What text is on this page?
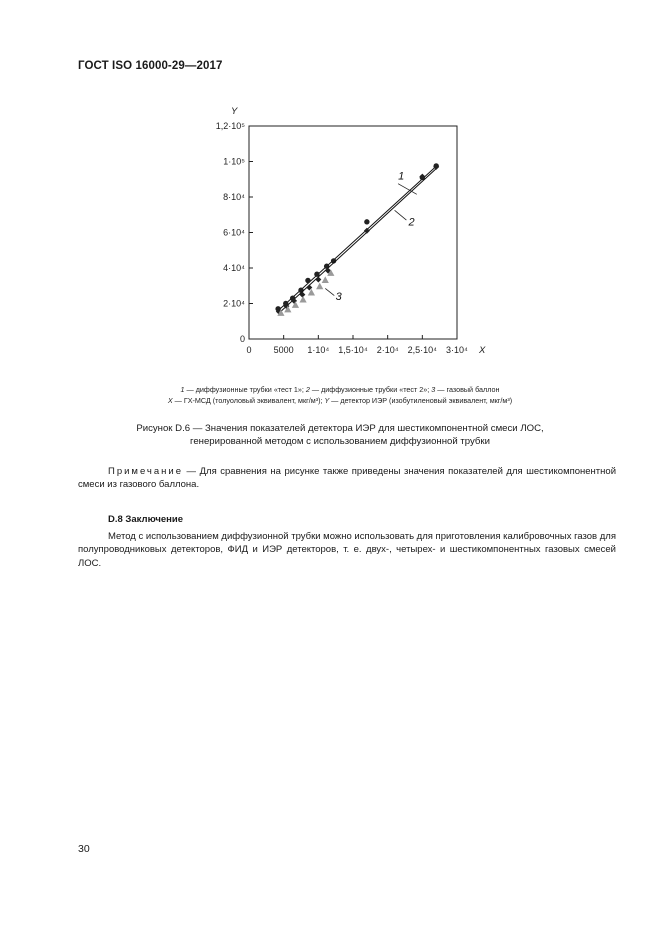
ГОСТ ISO 16000-29—2017
0
2·10⁴
4·10⁴
6·10⁴
8·10⁴
1·10⁵
1,2·10⁵
0 5000 1·10⁴ 1,5·10⁴ 2·10⁴ 2,5·10⁴ 3·10⁴ X
Y
1
2
3
1 — диффузионные трубки «тест 1»; 2 — диффузионные трубки «тест 2»; 3 — газовый баллон
X — ГХ-МСД (толуоловый эквивалент, мкг/м³); Y — детектор ИЭР (изобутиленовый эквивалент, мкг/м³)
Рисунок D.6 — Значения показателей детектора ИЭР для шестикомпонентной смеси ЛОС,
генерированной методом с использованием диффузионной трубки
Примечание — Для сравнения на рисунке также приведены значения показателей для шестикомпонентной смеси из газового баллона.
D.8 Заключение
Метод с использованием диффузионной трубки можно использовать для приготовления калибровочных газов для полупроводниковых детекторов, ФИД и ИЭР детекторов, т. е. двух-, четырех- и шестикомпонентных газовых смесей ЛОС.
30
